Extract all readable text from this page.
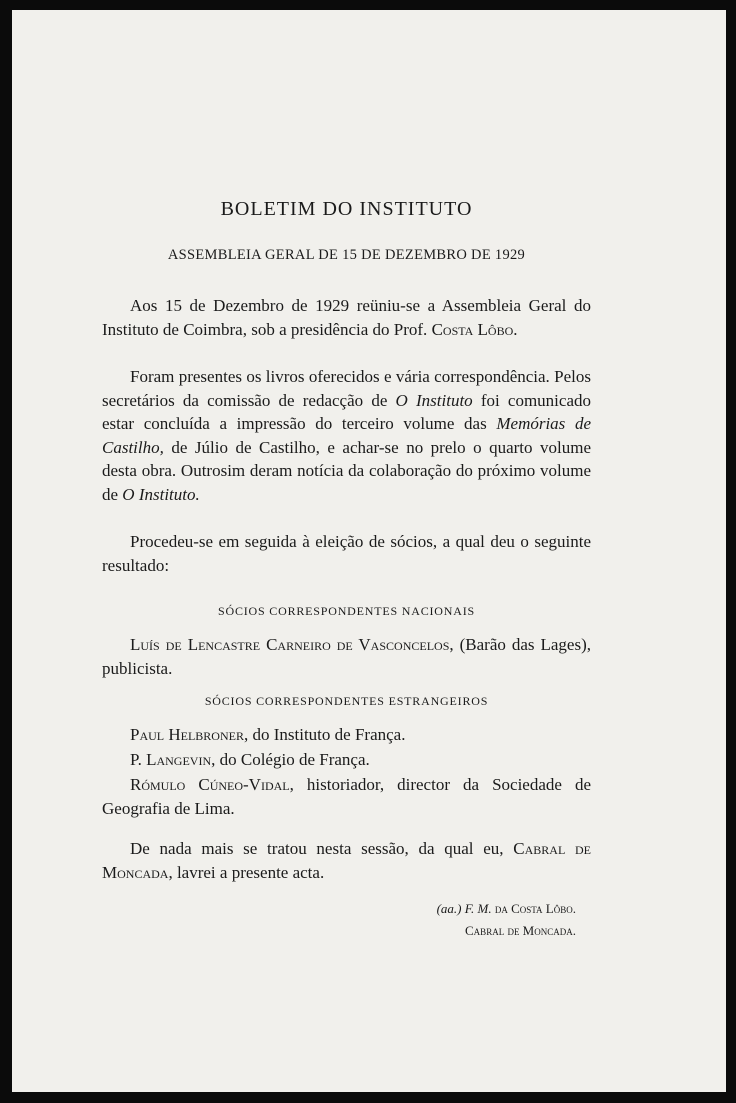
BOLETIM DO INSTITUTO
ASSEMBLEIA GERAL DE 15 DE DEZEMBRO DE 1929
Aos 15 de Dezembro de 1929 reüniu-se a Assembleia Geral do Instituto de Coimbra, sob a presidência do Prof. Costa Lôbo.
Foram presentes os livros oferecidos e vária correspondência. Pelos secretários da comissão de redacção de O Instituto foi comunicado estar concluída a impressão do terceiro volume das Memórias de Castilho, de Júlio de Castilho, e achar-se no prelo o quarto volume desta obra. Outrosim deram notícia da colaboração do próximo volume de O Instituto.
Procedeu-se em seguida à eleição de sócios, a qual deu o seguinte resultado:
SÓCIOS CORRESPONDENTES NACIONAIS
Luís de Lencastre Carneiro de Vasconcelos, (Barão das Lages), publicista.
SÓCIOS CORRESPONDENTES ESTRANGEIROS
Paul Helbroner, do Instituto de França.
P. Langevin, do Colégio de França.
Rómulo Cúneo-Vidal, historiador, director da Sociedade de Geografia de Lima.
De nada mais se tratou nesta sessão, da qual eu, Cabral de Moncada, lavrei a presente acta.
(aa.) F. M. da Costa Lôbo.
Cabral de Moncada.
